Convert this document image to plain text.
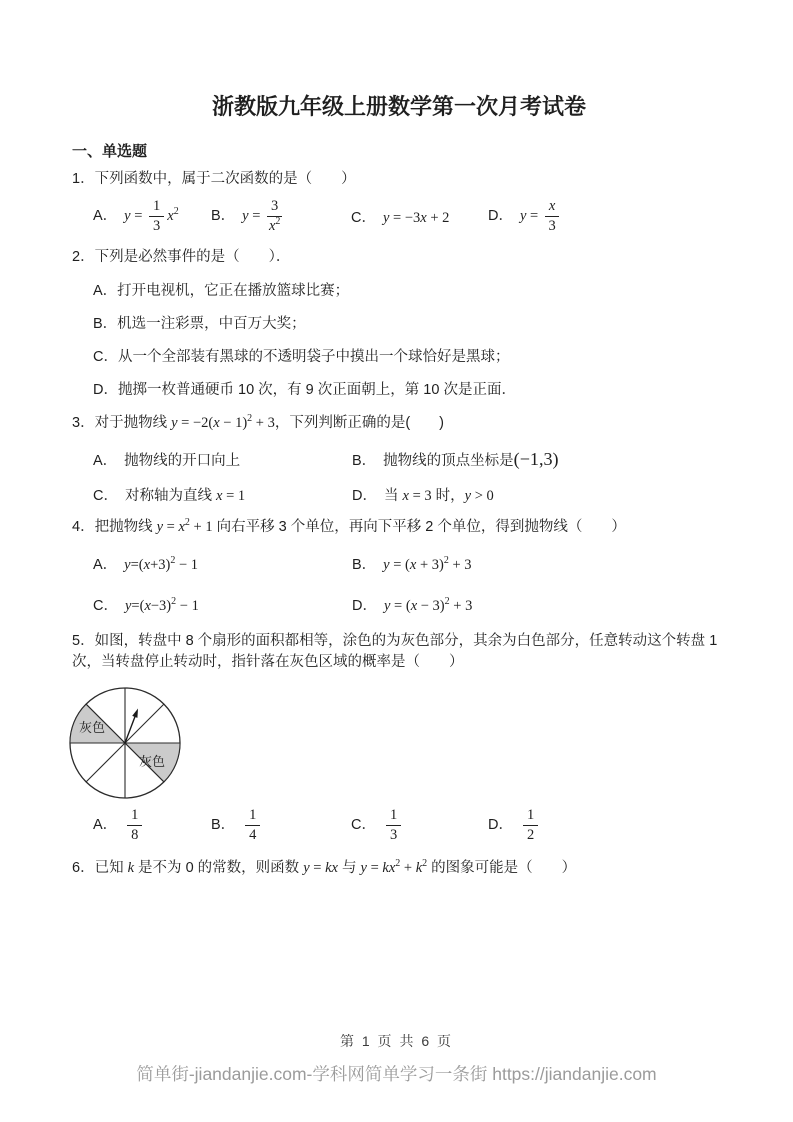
浙教版九年级上册数学第一次月考试卷
一、单选题
1．下列函数中，属于二次函数的是（　　）
A． $y = \frac{1}{3} x^2$	B． $y = \frac{3}{x^2}$	C． y = −3x + 2	D． $y = \frac{x}{3}$
2．下列是必然事件的是（　　）．
A．打开电视机，它正在播放篮球比赛；
B．机选一注彩票，中百万大奖；
C．从一个全部装有黑球的不透明袋子中摸出一个球恰好是黑球；
D．抛掷一枚普通硬币 10 次，有 9 次正面朝上，第 10 次是正面．
3．对于抛物线 $y = -2(x - 1)^2 + 3$，下列判断正确的是(　　)
A． 抛物线的开口向上	B． 抛物线的顶点坐标是(−1,3)
C． 对称轴为直线 x = 1	D． 当 x = 3 时，y > 0
4．把抛物线 $y = x^2 + 1$ 向右平移 3 个单位，再向下平移 2 个单位，得到抛物线（　　）
A． $y=(x+3)^2 - 1$	B． $y = (x + 3)^2 + 3$
C． $y=(x-3)^2 - 1$	D． $y = (x - 3)^2 + 3$
5．如图，转盘中 8 个扇形的面积都相等，涂色的为灰色部分，其余为白色部分，任意转动这个转盘 1 次，当转盘停止转动时，指针落在灰色区域的概率是（　　）
灰色
灰色
A． $\frac{1}{8}$	B． $\frac{1}{4}$	C． $\frac{1}{3}$	D． $\frac{1}{2}$
6．已知 k 是不为 0 的常数，则函数 y = kx 与 $y = kx^2 + k^2$ 的图象可能是（　　）
第 1 页 共 6 页
简单街-jiandanjie.com-学科网简单学习一条街 https://jiandanjie.com
